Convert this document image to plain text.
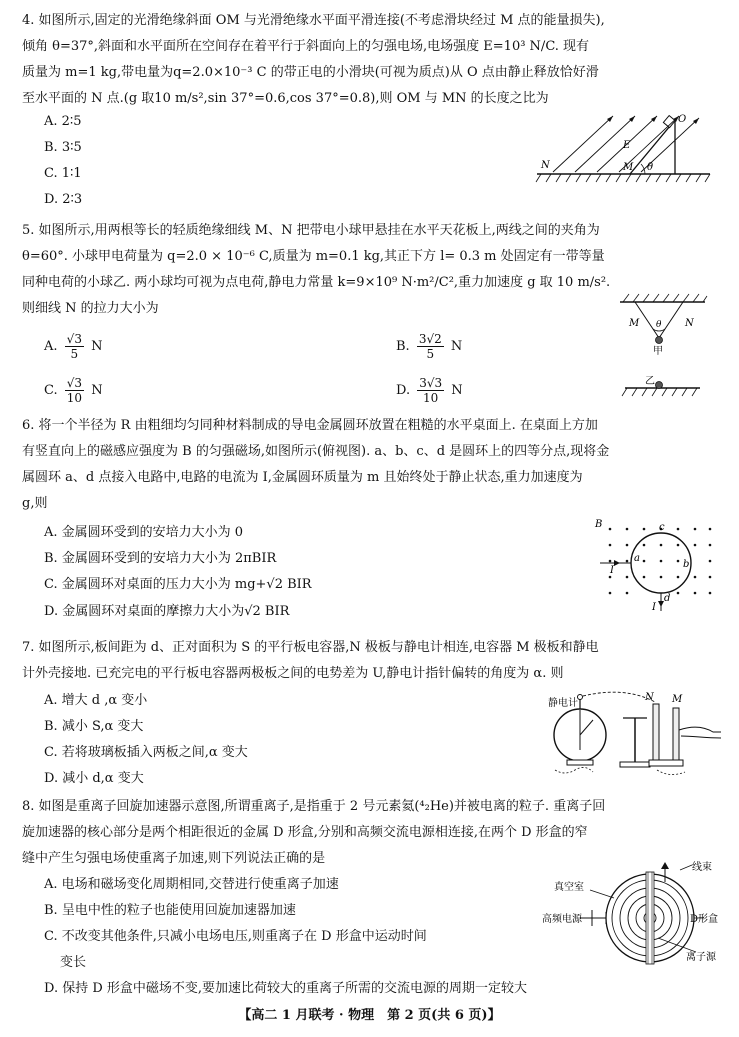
4. 如图所示,固定的光滑绝缘斜面 OM 与光滑绝缘水平面平滑连接(不考虑滑块经过 M 点的能量损失),
倾角 θ=37°,斜面和水平面所在空间存在着平行于斜面向上的匀强电场,电场强度 E=10³ N/C. 现有
质量为 m=1 kg,带电量为q=2.0×10⁻³ C 的带正电的小滑块(可视为质点)从 O 点由静止释放恰好滑
至水平面的 N 点.(g 取10 m/s²,sin 37°=0.6,cos 37°=0.8),则 OM 与 MN 的长度之比为
A. 2∶5
B. 3∶5
C. 1∶1
D. 2∶3
N	M θ
E
O
5. 如图所示,用两根等长的轻质绝缘细线 M、N 把带电小球甲悬挂在水平天花板上,两线之间的夹角为
θ=60°. 小球甲电荷量为 q=2.0 × 10⁻⁶ C,质量为 m=0.1 kg,其正下方 l= 0.3 m 处固定有一带等量
同种电荷的小球乙. 两小球均可视为点电荷,静电力常量 k=9×10⁹ N·m²/C²,重力加速度 g 取 10 m/s².
则细线 N 的拉力大小为
A. $\frac{√3}{5}$ N	B. $\frac{3√2}{5}$ N
C. $\frac{√3}{10}$ N	D. $\frac{3√3}{10}$ N
M	N
θ
甲
乙
6. 将一个半径为 R 由粗细均匀同种材料制成的导电金属圆环放置在粗糙的水平桌面上. 在桌面上方加
有竖直向上的磁感应强度为 B 的匀强磁场,如图所示(俯视图). a、b、c、d 是圆环上的四等分点,现将金
属圆环 a、d 点接入电路中,电路的电流为 I,金属圆环质量为 m 且始终处于静止状态,重力加速度为
g,则
A. 金属圆环受到的安培力大小为 0
B. 金属圆环受到的安培力大小为 2πBIR
C. 金属圆环对桌面的压力大小为 mg+√2 BIR
D. 金属圆环对桌面的摩擦力大小为√2 BIR
B
a
b
c
d
I
I
7. 如图所示,板间距为 d、正对面积为 S 的平行板电容器,N 极板与静电计相连,电容器 M 极板和静电
计外壳接地. 已充完电的平行板电容器两极板之间的电势差为 U,静电计指针偏转的角度为 α. 则
A. 增大 d ,α 变小
B. 减小 S,α 变大
C. 若将玻璃板插入两板之间,α 变大
D. 减小 d,α 变大
静电计
N M
8. 如图是重离子回旋加速器示意图,所谓重离子,是指重于 2 号元素氦(⁴₂He)并被电离的粒子. 重离子回
旋加速器的核心部分是两个相距很近的金属 D 形盒,分别和高频交流电源相连接,在两个 D 形盒的窄
缝中产生匀强电场使重离子加速,则下列说法正确的是
A. 电场和磁场变化周期相同,交替进行使重离子加速
B. 呈电中性的粒子也能使用回旋加速器加速
C. 不改变其他条件,只减小电场电压,则重离子在 D 形盒中运动时间
变长
D. 保持 D 形盒中磁场不变,要加速比荷较大的重离子所需的交流电源的周期一定较大
真空室
线束
高频电源	D形盒
离子源
【高二 1 月联考 · 物理　第 2 页(共 6 页)】
